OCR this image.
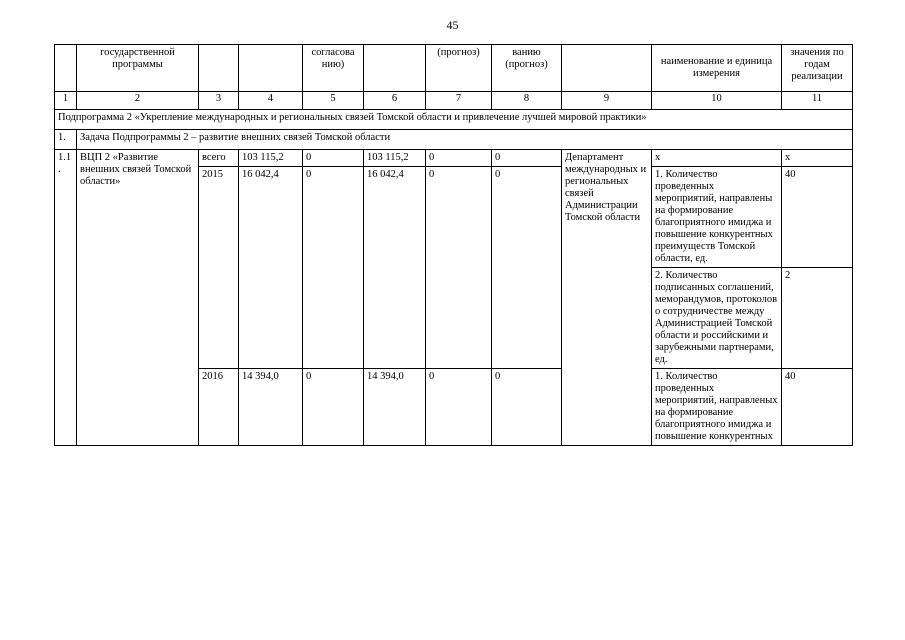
45
	государственной программы			согласова нию)		(прогноз)	ванию (прогноз)		наименование и единица измерения	значения по годам реализации
1	2	3	4	5	6	7	8	9	10	11
Подпрограмма 2 «Укрепление международных и региональных связей Томской области и привлечение лучшей мировой практики»										
1.	Задача Подпрограммы 2 – развитие внешних связей Томской области									
1.1.	ВЦП 2 «Развитие внешних связей Томской области»	всего	103 115,2	0	103 115,2	0	0	Департамент международных и региональных связей Администрации Томской области	х	х
		2015	16 042,4	0	16 042,4	0	0		1. Количество проведенных мероприятий, направлены на формирование благоприятного имиджа и повышение конкурентных преимуществ Томской области, ед.	40
									2. Количество подписанных соглашений, меморандумов, протоколов о сотрудничестве между Администрацией Томской области и российскими и зарубежными партнерами, ед.	2
		2016	14 394,0	0	14 394,0	0	0		1. Количество проведенных мероприятий, направленых на формирование благоприятного имиджа и повышение конкурентных	40
